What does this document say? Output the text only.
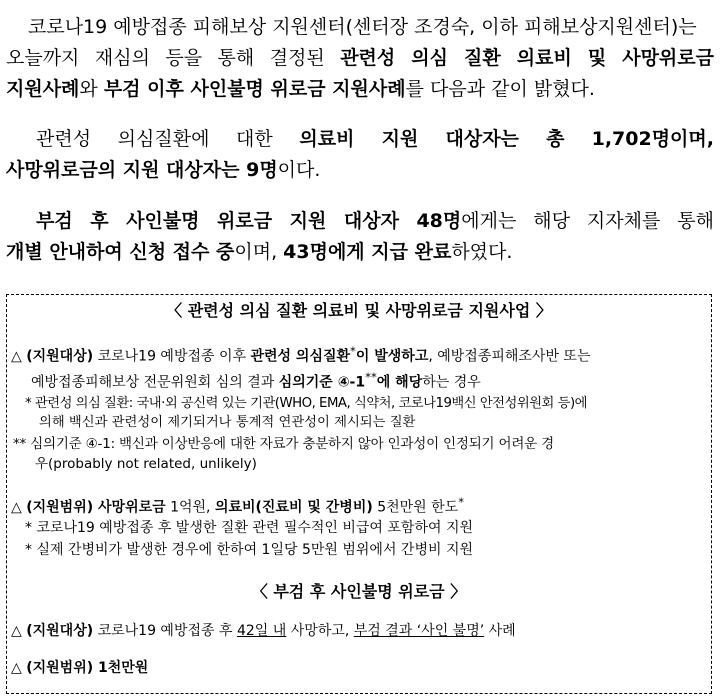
코로나19 예방접종 피해보상 지원센터(센터장 조경숙, 이하 피해보상지원센터)는
오늘까지 재심의 등을 통해 결정된 관련성 의심 질환 의료비 및 사망위로금
지원사례와 부검 이후 사인불명 위로금 지원사례를 다음과 같이 밝혔다.
관련성 의심질환에 대한 의료비 지원 대상자는 총 1,702명이며,
사망위로금의 지원 대상자는 9명이다.
부검 후 사인불명 위로금 지원 대상자 48명에게는 해당 지자체를 통해
개별 안내하여 신청 접수 중이며, 43명에게 지급 완료하였다.
〈 관련성 의심 질환 의료비 및 사망위로금 지원사업 〉
△ (지원대상) 코로나19 예방접종 이후 관련성 의심질환*이 발생하고, 예방접종피해조사반 또는
예방접종피해보상 전문위원회 심의 결과 심의기준 ④-1**에 해당하는 경우
* 관련성 의심 질환: 국내·외 공신력 있는 기관(WHO, EMA, 식약처, 코로나19백신 안전성위원회 등)에
의해 백신과 관련성이 제기되거나 통계적 연관성이 제시되는 질환
** 심의기준 ④-1: 백신과 이상반응에 대한 자료가 충분하지 않아 인과성이 인정되기 어려운 경
우(probably not related, unlikely)
△ (지원범위) 사망위로금 1억원, 의료비(진료비 및 간병비) 5천만원 한도*
* 코로나19 예방접종 후 발생한 질환 관련 필수적인 비급여 포함하여 지원
* 실제 간병비가 발생한 경우에 한하여 1일당 5만원 범위에서 간병비 지원
〈 부검 후 사인불명 위로금 〉
△ (지원대상) 코로나19 예방접종 후 42일 내 사망하고, 부검 결과 ‘사인 불명’ 사례
△ (지원범위) 1천만원
